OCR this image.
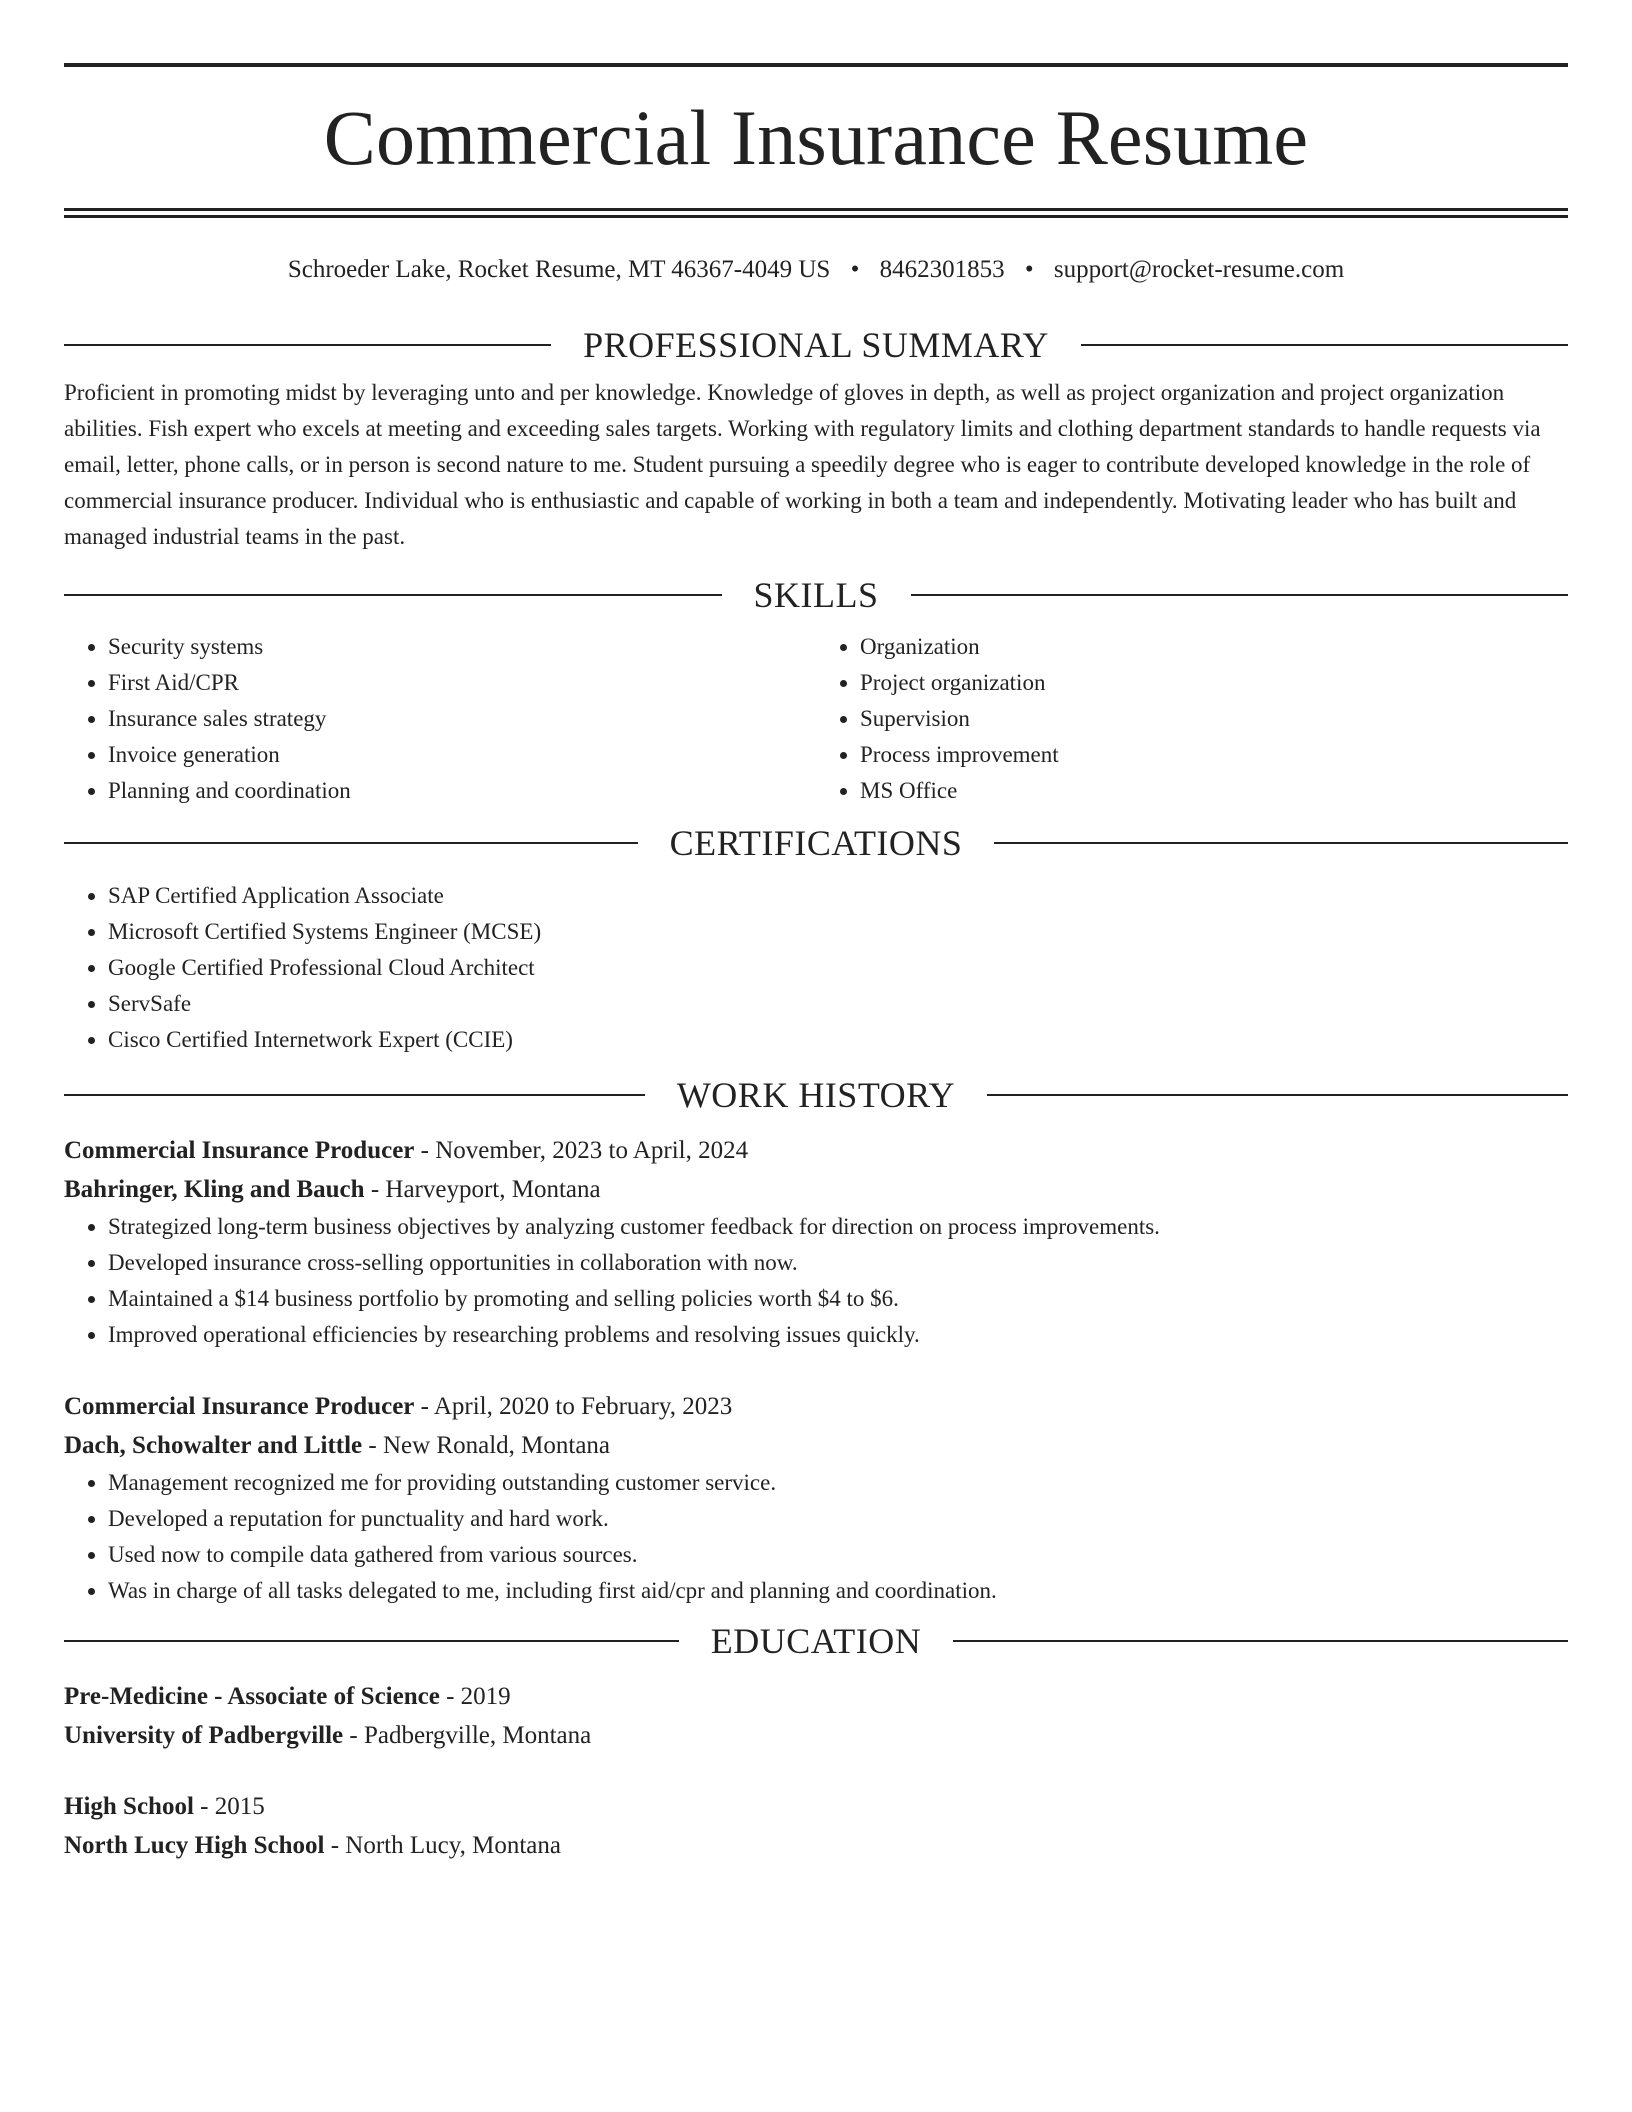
Commercial Insurance Resume
Schroeder Lake, Rocket Resume, MT 46367-4049 US • 8462301853 • support@rocket-resume.com
PROFESSIONAL SUMMARY

Proficient in promoting midst by leveraging unto and per knowledge. Knowledge of gloves in depth, as well as project organization and project organization abilities. Fish expert who excels at meeting and exceeding sales targets. Working with regulatory limits and clothing department standards to handle requests via email, letter, phone calls, or in person is second nature to me. Student pursuing a speedily degree who is eager to contribute developed knowledge in the role of commercial insurance producer. Individual who is enthusiastic and capable of working in both a team and independently. Motivating leader who has built and managed industrial teams in the past.

SKILLS
• Security systems
• First Aid/CPR
• Insurance sales strategy
• Invoice generation
• Planning and coordination
• Organization
• Project organization
• Supervision
• Process improvement
• MS Office
CERTIFICATIONS
• SAP Certified Application Associate
• Microsoft Certified Systems Engineer (MCSE)
• Google Certified Professional Cloud Architect
• ServSafe
• Cisco Certified Internetwork Expert (CCIE)
WORK HISTORY
Commercial Insurance Producer - November, 2023 to April, 2024
Bahringer, Kling and Bauch - Harveyport, Montana
• Strategized long-term business objectives by analyzing customer feedback for direction on process improvements.
• Developed insurance cross-selling opportunities in collaboration with now.
• Maintained a $14 business portfolio by promoting and selling policies worth $4 to $6.
• Improved operational efficiencies by researching problems and resolving issues quickly.
Commercial Insurance Producer - April, 2020 to February, 2023
Dach, Schowalter and Little - New Ronald, Montana
• Management recognized me for providing outstanding customer service.
• Developed a reputation for punctuality and hard work.
• Used now to compile data gathered from various sources.
• Was in charge of all tasks delegated to me, including first aid/cpr and planning and coordination.
EDUCATION
Pre-Medicine - Associate of Science - 2019
University of Padbergville - Padbergville, Montana
High School - 2015
North Lucy High School - North Lucy, Montana
